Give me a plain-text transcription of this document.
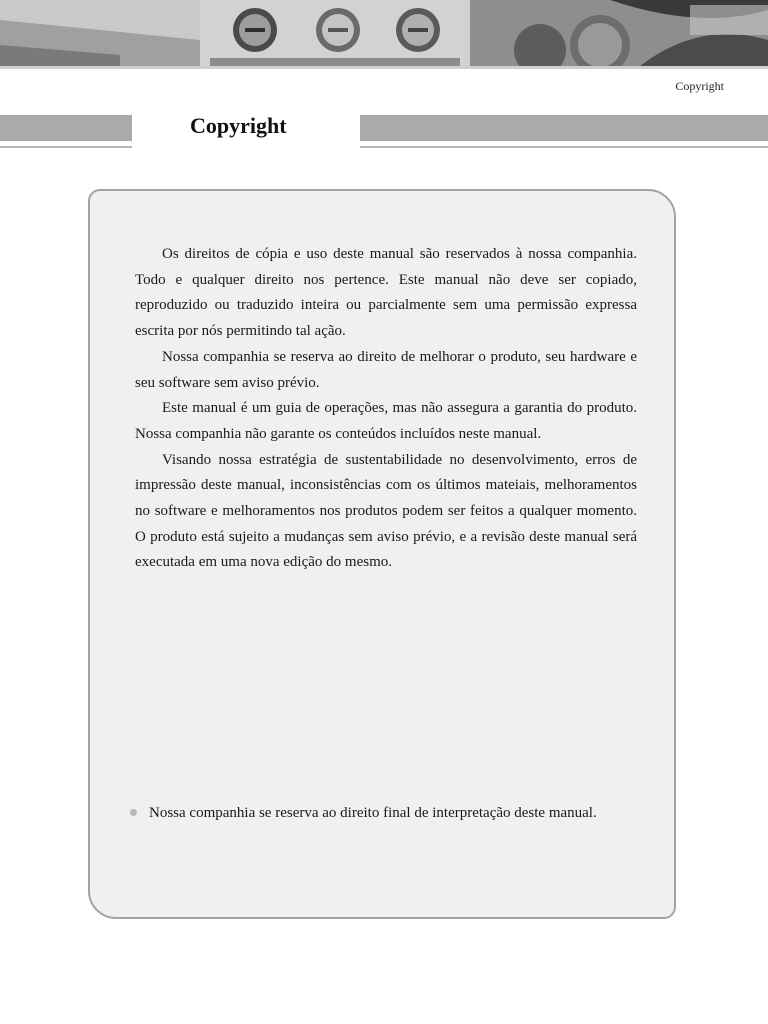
Copyright
Copyright

Os direitos de cópia e uso deste manual são reservados à nossa companhia. Todo e qualquer direito nos pertence. Este manual não deve ser copiado, reproduzido ou traduzido inteira ou parcialmente sem uma permissão expressa escrita por nós permitindo tal ação.

Nossa companhia se reserva ao direito de melhorar o produto, seu hardware e seu software sem aviso prévio.

Este manual é um guia de operações, mas não assegura a garantia do produto. Nossa companhia não garante os conteúdos incluídos neste manual.

Visando nossa estratégia de sustentabilidade no desenvolvimento, erros de impressão deste manual, inconsistências com os últimos mateiais, melhoramentos no software e melhoramentos nos produtos podem ser feitos a qualquer momento. O produto está sujeito a mudanças sem aviso prévio, e a revisão deste manual será executada em uma nova edição do mesmo.

Nossa companhia se reserva ao direito final de interpretação deste manual.
